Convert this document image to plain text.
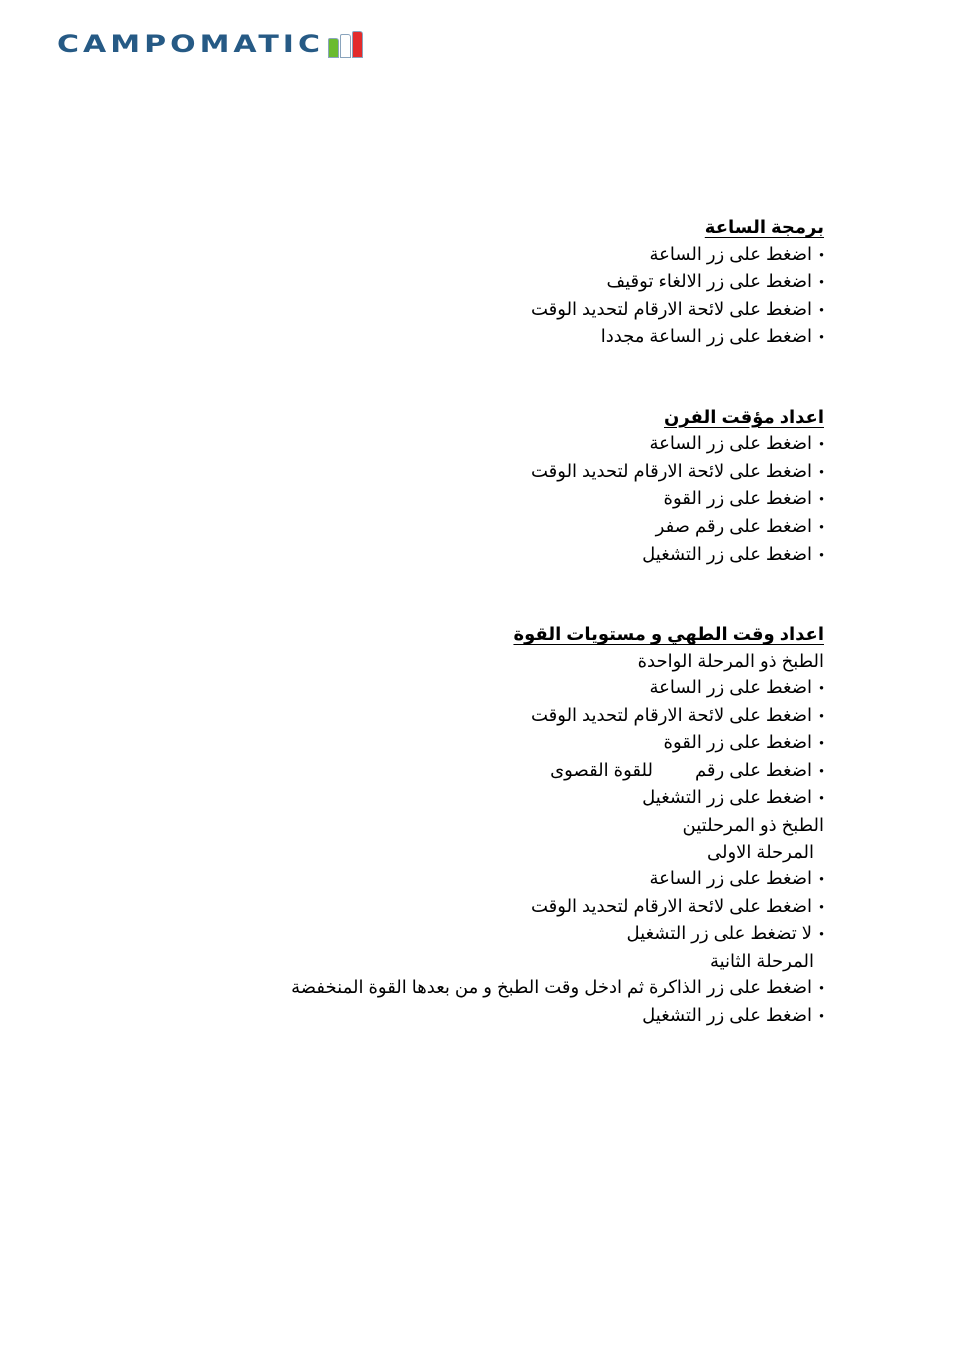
CAMPOMATIC
برمجة الساعة
● اضغط على زر الساعة
● اضغط على زر الالغاء توقيف
● اضغط على لائحة الارقام لتحديد الوقت
● اضغط على زر الساعة مجددا
اعداد مؤقت الفرن
● اضغط على زر الساعة
● اضغط على لائحة الارقام لتحديد الوقت
● اضغط على زر القوة
● اضغط على رقم صفر
● اضغط على زر التشغيل
اعداد وقت الطهي و مستويات القوة
الطبخ ذو المرحلة الواحدة
● اضغط على زر الساعة
● اضغط على لائحة الارقام لتحديد الوقت
● اضغط على زر القوة
● اضغط على رقمللقوة القصوى
● اضغط على زر التشغيل
الطبخ ذو المرحلتين
المرحلة الاولى
● اضغط على زر الساعة
● اضغط على لائحة الارقام لتحديد الوقت
● لا تضغط على زر التشغيل
المرحلة الثانية
● اضغط على زر الذاكرة ثم ادخل وقت الطبخ و من بعدها القوة المنخفضة
● اضغط على زر التشغيل
